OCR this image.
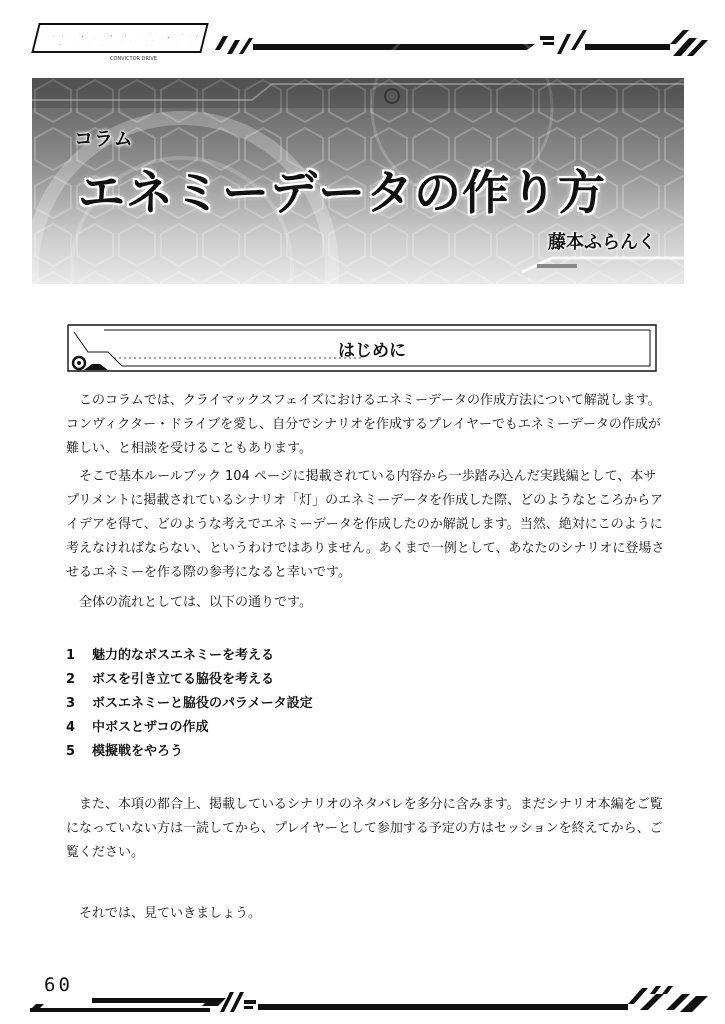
コンヴィクタードライブ
CONVICTOR DRIVE
コラム
エネミーデータの作り方
藤本ふらんく
はじめに
このコラムでは、クライマックスフェイズにおけるエネミーデータの作成方法について解説します。コンヴィクター・ドライブを愛し、自分でシナリオを作成するプレイヤーでもエネミーデータの作成が難しい、と相談を受けることもあります。
そこで基本ルールブック 104 ページに掲載されている内容から一歩踏み込んだ実践編として、本サプリメントに掲載されているシナリオ「灯」のエネミーデータを作成した際、どのようなところからアイデアを得て、どのような考えでエネミーデータを作成したのか解説します。当然、絶対にこのように考えなければならない、というわけではありません。あくまで一例として、あなたのシナリオに登場させるエネミーを作る際の参考になると幸いです。
全体の流れとしては、以下の通りです。
1 魅力的なボスエネミーを考える
2 ボスを引き立てる脇役を考える
3 ボスエネミーと脇役のパラメータ設定
4 中ボスとザコの作成
5 模擬戦をやろう
また、本項の都合上、掲載しているシナリオのネタバレを多分に含みます。まだシナリオ本編をご覧になっていない方は一読してから、プレイヤーとして参加する予定の方はセッションを終えてから、ご覧ください。
それでは、見ていきましょう。
60
